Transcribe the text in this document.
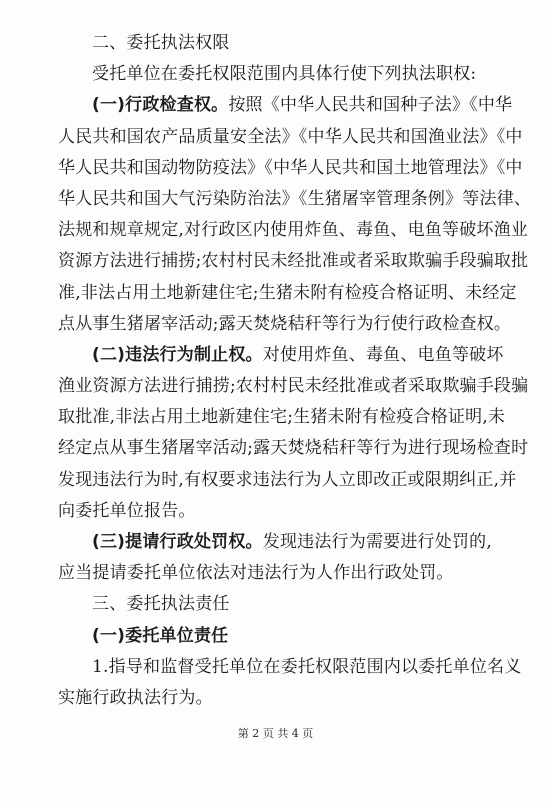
二、委托执法权限
受托单位在委托权限范围内具体行使下列执法职权:
(一)行政检查权。按照《中华人民共和国种子法》《中华
人民共和国农产品质量安全法》《中华人民共和国渔业法》《中
华人民共和国动物防疫法》《中华人民共和国土地管理法》《中
华人民共和国大气污染防治法》《生猪屠宰管理条例》等法律、
法规和规章规定,对行政区内使用炸鱼、毒鱼、电鱼等破坏渔业
资源方法进行捕捞;农村村民未经批准或者采取欺骗手段骗取批
准,非法占用土地新建住宅;生猪未附有检疫合格证明、未经定
点从事生猪屠宰活动;露天焚烧秸秆等行为行使行政检查权。
(二)违法行为制止权。对使用炸鱼、毒鱼、电鱼等破坏
渔业资源方法进行捕捞;农村村民未经批准或者采取欺骗手段骗
取批准,非法占用土地新建住宅;生猪未附有检疫合格证明,未
经定点从事生猪屠宰活动;露天焚烧秸秆等行为进行现场检查时
发现违法行为时,有权要求违法行为人立即改正或限期纠正,并
向委托单位报告。
(三)提请行政处罚权。发现违法行为需要进行处罚的,
应当提请委托单位依法对违法行为人作出行政处罚。
三、委托执法责任
(一)委托单位责任
1.指导和监督受托单位在委托权限范围内以委托单位名义
实施行政执法行为。
第 2 页 共 4 页
